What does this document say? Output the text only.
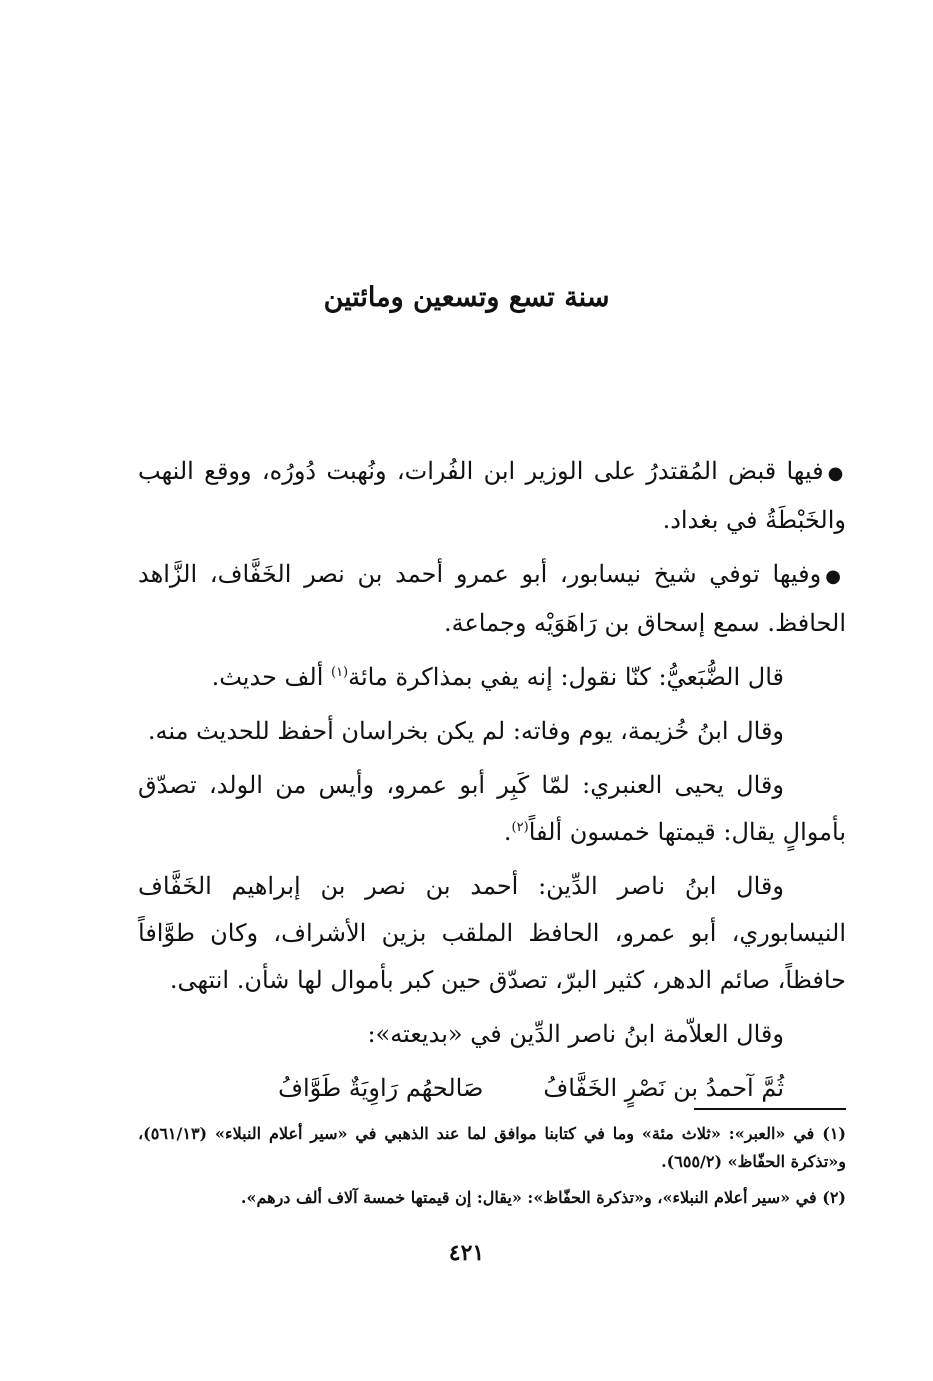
سنة تسع وتسعين ومائتين

●فيها قبض المُقتدرُ على الوزير ابن الفُرات، ونُهبت دُورُه، ووقع النهب والخَبْطَةُ في بغداد.

●وفيها توفي شيخ نيسابور، أبو عمرو أحمد بن نصر الخَفَّاف، الزَّاهد الحافظ. سمع إسحاق بن رَاهَوَيْه وجماعة.

قال الضُّبَعيُّ: كنّا نقول: إنه يفي بمذاكرة مائة$^{(١)}$ ألف حديث.

وقال ابنُ خُزيمة، يوم وفاته: لم يكن بخراسان أحفظ للحديث منه.

وقال يحيى العنبري: لمّا كَبِر أبو عمرو، وأيس من الولد، تصدّق بأموالٍ يقال: قيمتها خمسون ألفاً$^{(٢)}$.

وقال ابنُ ناصر الدِّين: أحمد بن نصر بن إبراهيم الخَفَّاف النيسابوري، أبو عمرو، الحافظ الملقب بزين الأشراف، وكان طوَّافاً حافظاً، صائم الدهر، كثير البرّ، تصدّق حين كبر بأموال لها شأن. انتهى.

وقال العلاّمة ابنُ ناصر الدِّين في «بديعته»:

ثُمَّ آحمدُ بن نَصْرٍ الخَفَّافُ
صَالحهُم رَاوِيَةٌ طَوَّافُ

(١) في «العبر»: «ثلاث مئة» وما في كتابنا موافق لما عند الذهبي في «سير أعلام النبلاء» (٥٦١/١٣)، و«تذكرة الحفّاظ» (٦٥٥/٢).

(٢) في «سير أعلام النبلاء»، و«تذكرة الحفّاظ»: «يقال: إن قيمتها خمسة آلاف ألف درهم».

٤٢١
